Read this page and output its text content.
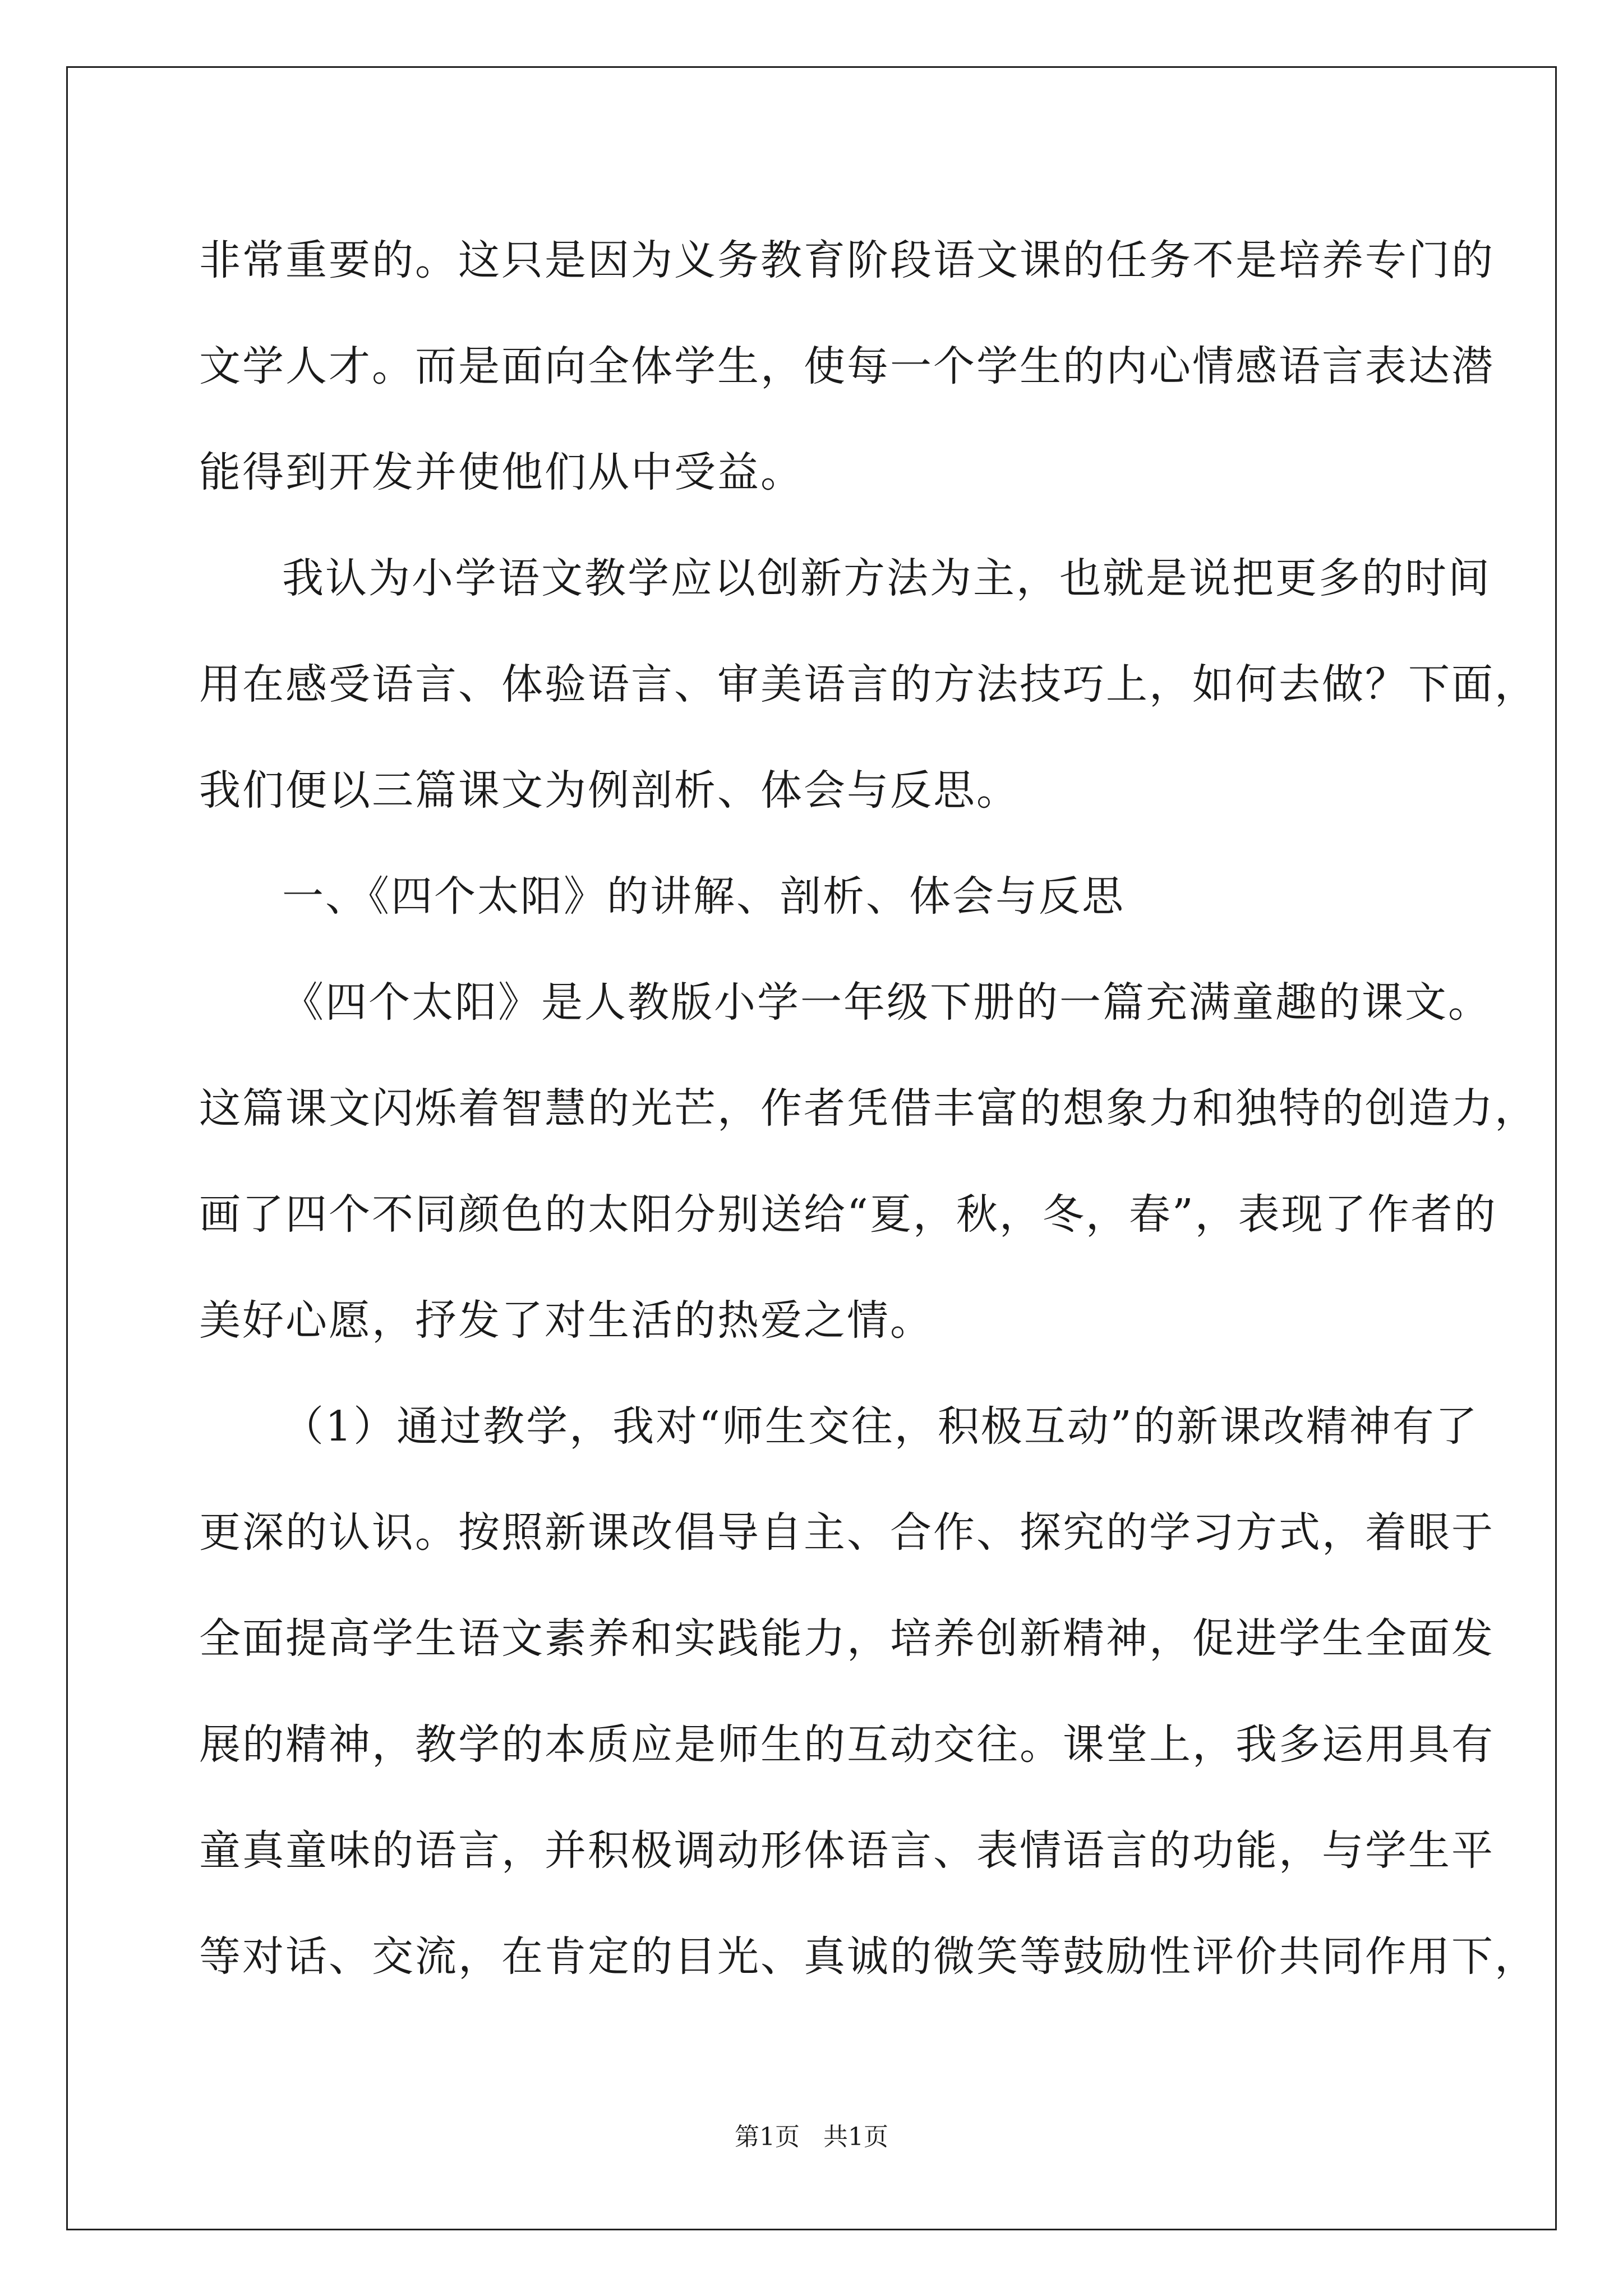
非常重要的。这只是因为义务教育阶段语文课的任务不是培养专门的
文学人才。而是面向全体学生，使每一个学生的内心情感语言表达潜
能得到开发并使他们从中受益。
我认为小学语文教学应以创新方法为主，也就是说把更多的时间
用在感受语言、体验语言、审美语言的方法技巧上，如何去做？下面，
我们便以三篇课文为例剖析、体会与反思。
一、《四个太阳》的讲解、剖析、体会与反思
《四个太阳》是人教版小学一年级下册的一篇充满童趣的课文。
这篇课文闪烁着智慧的光芒，作者凭借丰富的想象力和独特的创造力，
画了四个不同颜色的太阳分别送给“夏，秋，冬，春”，表现了作者的
美好心愿，抒发了对生活的热爱之情。
（1）通过教学，我对“师生交往，积极互动”的新课改精神有了
更深的认识。按照新课改倡导自主、合作、探究的学习方式，着眼于
全面提高学生语文素养和实践能力，培养创新精神，促进学生全面发
展的精神，教学的本质应是师生的互动交往。课堂上，我多运用具有
童真童味的语言，并积极调动形体语言、表情语言的功能，与学生平
等对话、交流，在肯定的目光、真诚的微笑等鼓励性评价共同作用下，
第1页   共1页
